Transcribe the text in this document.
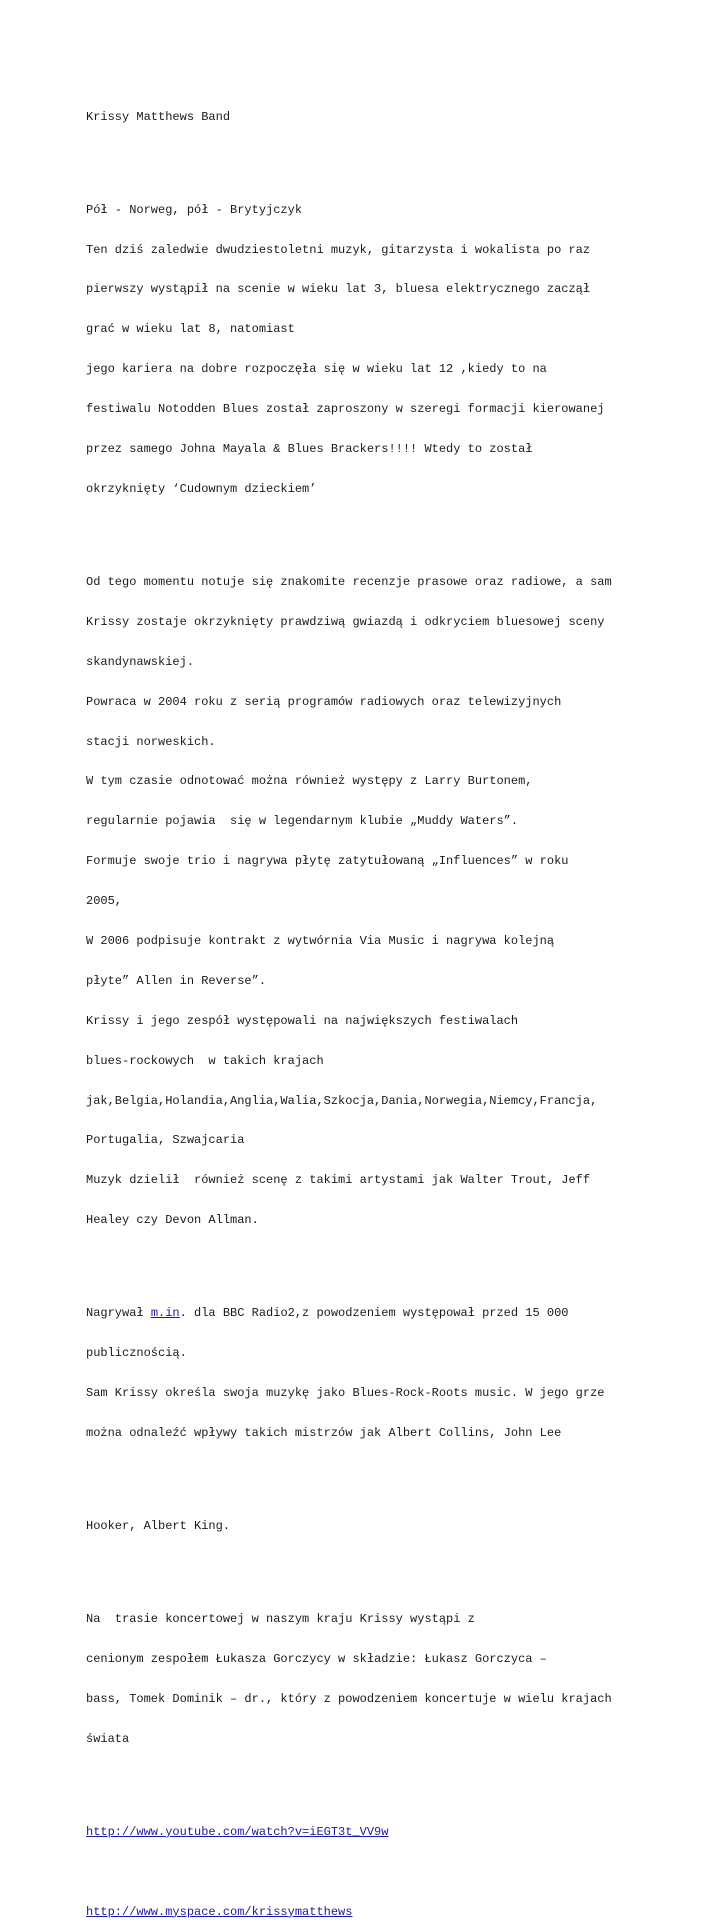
Krissy Matthews Band

Pół - Norweg, pół - Brytyjczyk

Ten dziś zaledwie dwudziestoletni muzyk, gitarzysta i wokalista po raz

pierwszy wystąpił na scenie w wieku lat 3, bluesa elektrycznego zaczął

grać w wieku lat 8, natomiast

jego kariera na dobre rozpoczęła się w wieku lat 12 ,kiedy to na

festiwalu Notodden Blues został zaproszony w szeregi formacji kierowanej

przez samego Johna Mayala & Blues Brackers!!!! Wtedy to został

okrzyknięty ‘Cudownym dzieckiem’

Od tego momentu notuje się znakomite recenzje prasowe oraz radiowe, a sam

Krissy zostaje okrzyknięty prawdziwą gwiazdą i odkryciem bluesowej sceny

skandynawskiej.

Powraca w 2004 roku z serią programów radiowych oraz telewizyjnych

stacji norweskich.

W tym czasie odnotować można również występy z Larry Burtonem,

regularnie pojawia  się w legendarnym klubie „Muddy Waters”.

Formuje swoje trio i nagrywa płytę zatytułowaną „Influences” w roku

2005,

W 2006 podpisuje kontrakt z wytwórnia Via Music i nagrywa kolejną

płyte” Allen in Reverse”.

Krissy i jego zespół występowali na największych festiwalach

blues-rockowych  w takich krajach

jak,Belgia,Holandia,Anglia,Walia,Szkocja,Dania,Norwegia,Niemcy,Francja,

Portugalia, Szwajcaria

Muzyk dzielił  również scenę z takimi artystami jak Walter Trout, Jeff

Healey czy Devon Allman.

Nagrywał m.in. dla BBC Radio2,z powodzeniem występował przed 15 000

publicznością.

Sam Krissy określa swoja muzykę jako Blues-Rock-Roots music. W jego grze

można odnaleźć wpływy takich mistrzów jak Albert Collins, John Lee

Hooker, Albert King.

Na  trasie koncertowej w naszym kraju Krissy wystąpi z

cenionym zespołem Łukasza Gorczycy w składzie: Łukasz Gorczyca –

bass, Tomek Dominik – dr., który z powodzeniem koncertuje w wielu krajach

świata

http://www.youtube.com/watch?v=iEGT3t_VV9w

http://www.myspace.com/krissymatthews
